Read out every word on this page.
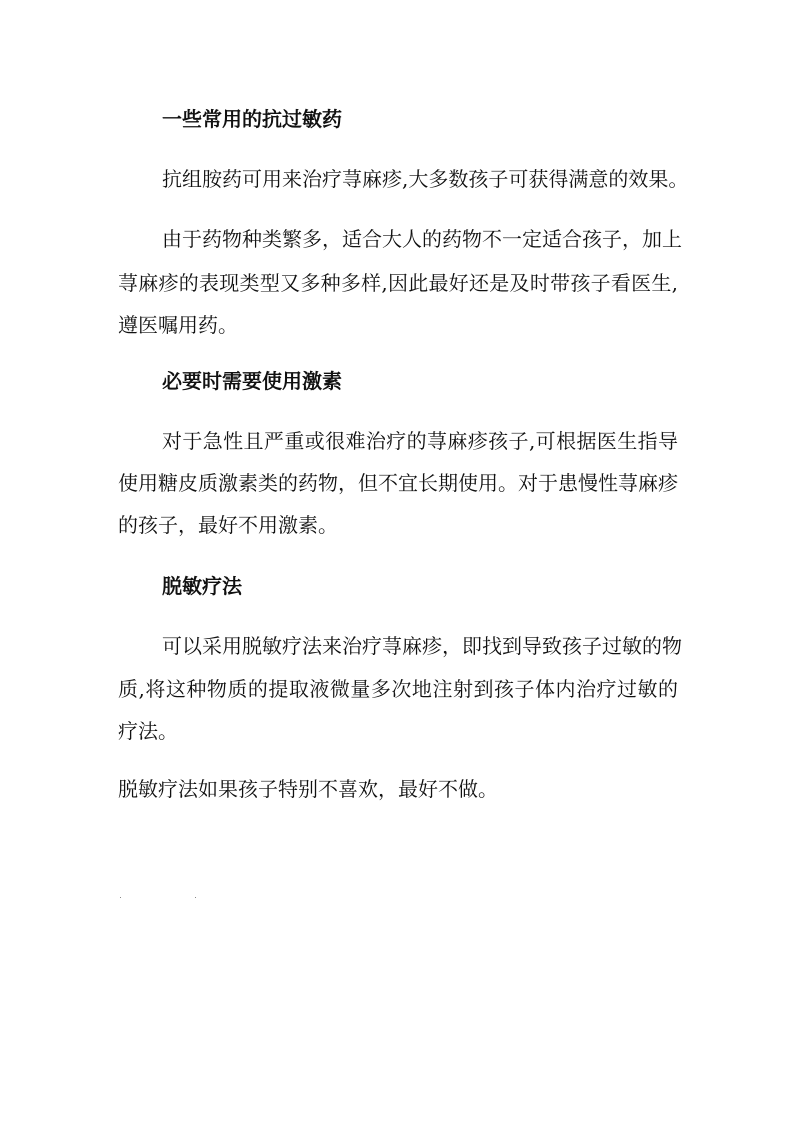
一些常用的抗过敏药

抗组胺药可用来治疗荨麻疹,大多数孩子可获得满意的效果。

由于药物种类繁多，适合大人的药物不一定适合孩子，加上

荨麻疹的表现类型又多种多样,因此最好还是及时带孩子看医生,

遵医嘱用药。

必要时需要使用激素

对于急性且严重或很难治疗的荨麻疹孩子,可根据医生指导

使用糖皮质激素类的药物，但不宜长期使用。对于患慢性荨麻疹

的孩子，最好不用激素。

脱敏疗法

可以采用脱敏疗法来治疗荨麻疹，即找到导致孩子过敏的物

质,将这种物质的提取液微量多次地注射到孩子体内治疗过敏的

疗法。

脱敏疗法如果孩子特别不喜欢，最好不做。
